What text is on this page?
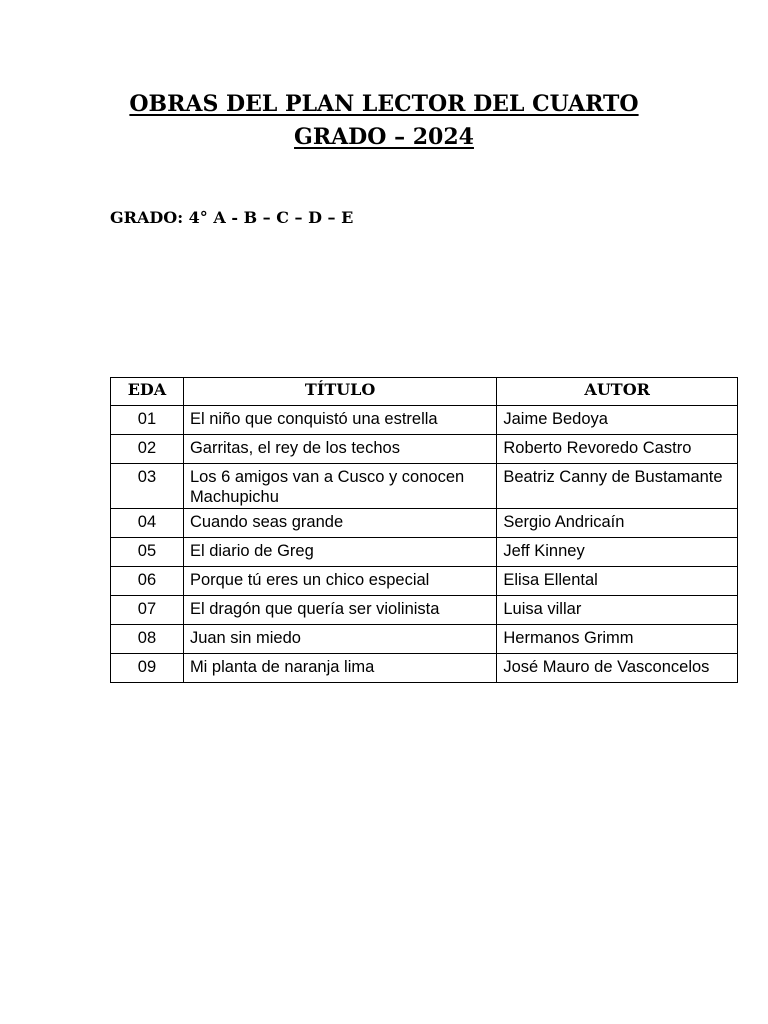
OBRAS DEL PLAN LECTOR DEL CUARTO
GRADO – 2024
GRADO: 4° A - B – C – D – E
EDA	TÍTULO	AUTOR
01	El niño que conquistó una estrella	Jaime Bedoya
02	Garritas, el rey de los techos	Roberto Revoredo Castro
03	Los 6 amigos van a Cusco y conocen Machupichu	Beatriz Canny de Bustamante
04	Cuando seas grande	Sergio Andricaín
05	El diario de Greg	Jeff Kinney
06	Porque tú eres un chico especial	Elisa Ellental
07	El dragón que quería ser violinista	Luisa villar
08	Juan sin miedo	Hermanos Grimm
09	Mi planta de naranja lima	José Mauro de Vasconcelos
